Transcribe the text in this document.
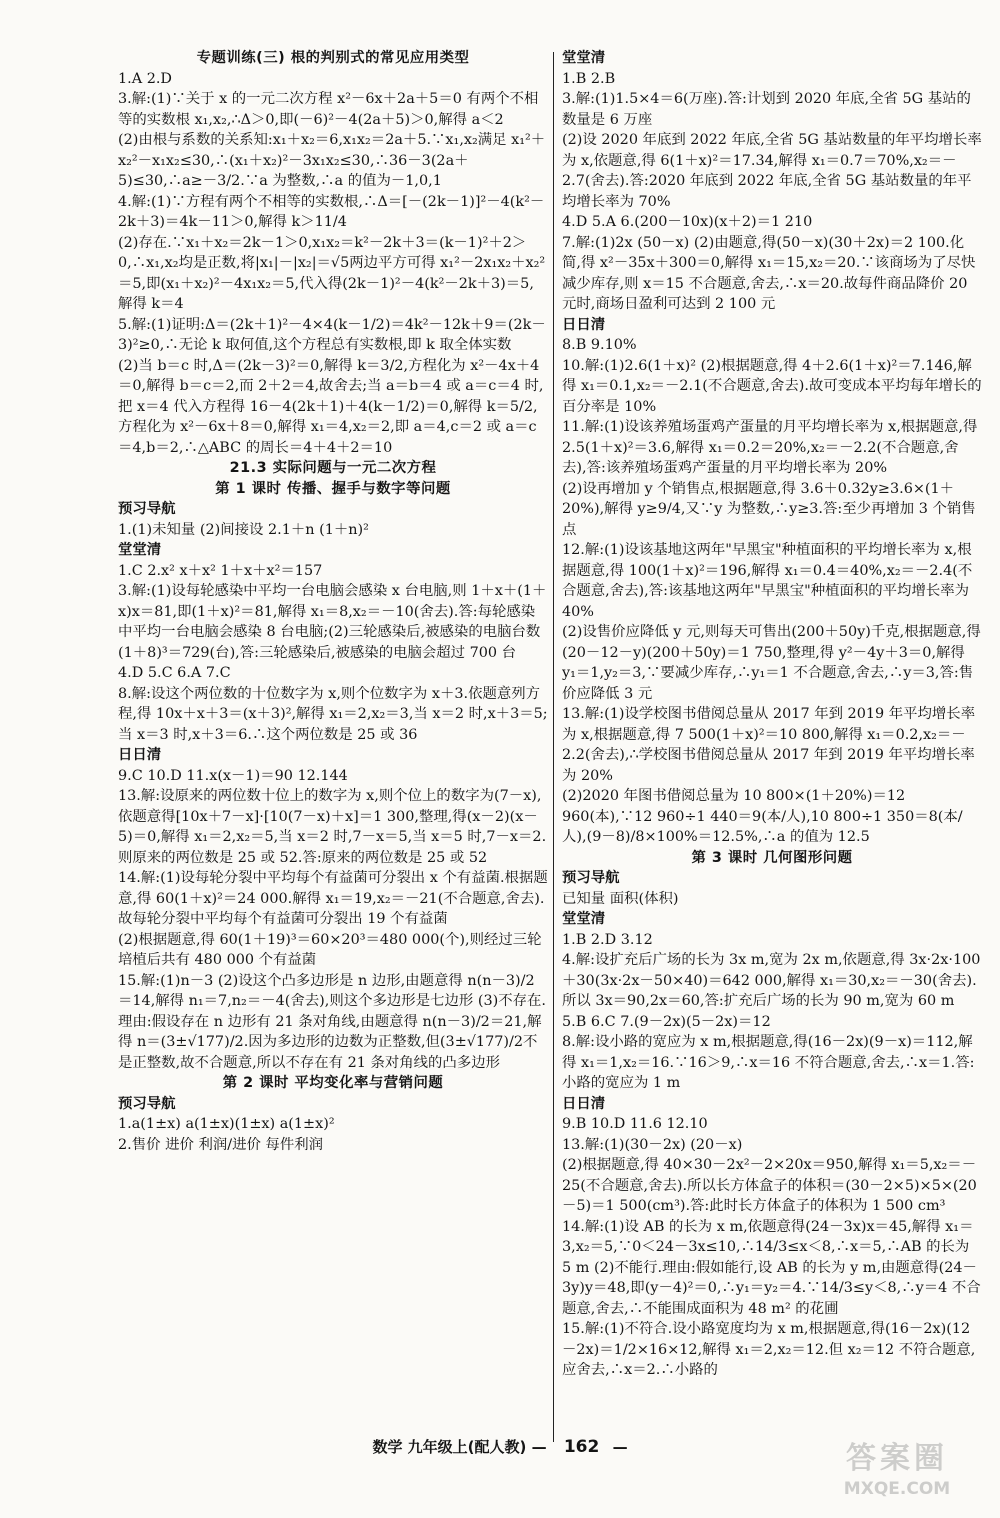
专题训练(三) 根的判别式的常见应用类型
1.A 2.D
3.解:(1)∵关于 x 的一元二次方程 x²－6x＋2a＋5＝0 有两个不相等的实数根 x₁,x₂,∴Δ＞0,即(－6)²－4(2a＋5)＞0,解得 a＜2
(2)由根与系数的关系知:x₁＋x₂＝6,x₁x₂＝2a＋5.∵x₁,x₂满足 x₁²＋x₂²－x₁x₂≤30,∴(x₁＋x₂)²－3x₁x₂≤30,∴36－3(2a＋5)≤30,∴a≥－3/2.∵a 为整数,∴a 的值为－1,0,1
4.解:(1)∵方程有两个不相等的实数根,∴Δ＝[－(2k－1)]²－4(k²－2k＋3)＝4k－11＞0,解得 k＞11/4
(2)存在.∵x₁＋x₂＝2k－1＞0,x₁x₂＝k²－2k＋3＝(k－1)²＋2＞0,∴x₁,x₂均是正数,将|x₁|－|x₂|＝√5两边平方可得 x₁²－2x₁x₂＋x₂²＝5,即(x₁＋x₂)²－4x₁x₂＝5,代入得(2k－1)²－4(k²－2k＋3)＝5,解得 k＝4
5.解:(1)证明:Δ＝(2k＋1)²－4×4(k－1/2)＝4k²－12k＋9＝(2k－3)²≥0,∴无论 k 取何值,这个方程总有实数根,即 k 取全体实数
(2)当 b＝c 时,Δ＝(2k－3)²＝0,解得 k＝3/2,方程化为 x²－4x＋4＝0,解得 b＝c＝2,而 2＋2＝4,故舍去;当 a＝b＝4 或 a＝c＝4 时,把 x＝4 代入方程得 16－4(2k＋1)＋4(k－1/2)＝0,解得 k＝5/2,方程化为 x²－6x＋8＝0,解得 x₁＝4,x₂＝2,即 a＝4,c＝2 或 a＝c＝4,b＝2,∴△ABC 的周长＝4＋4＋2＝10
21.3 实际问题与一元二次方程
第 1 课时 传播、握手与数字等问题
预习导航
1.(1)未知量 (2)间接设 2.1＋n (1＋n)²
堂堂清
1.C 2.x² x＋x² 1＋x＋x²＝157
3.解:(1)设每轮感染中平均一台电脑会感染 x 台电脑,则 1＋x＋(1＋x)x＝81,即(1＋x)²＝81,解得 x₁＝8,x₂＝－10(舍去).答:每轮感染中平均一台电脑会感染 8 台电脑;(2)三轮感染后,被感染的电脑台数(1＋8)³＝729(台),答:三轮感染后,被感染的电脑会超过 700 台
4.D 5.C 6.A 7.C
8.解:设这个两位数的十位数字为 x,则个位数字为 x＋3.依题意列方程,得 10x＋x＋3＝(x＋3)²,解得 x₁＝2,x₂＝3,当 x＝2 时,x＋3＝5;当 x＝3 时,x＋3＝6.∴这个两位数是 25 或 36
日日清
9.C 10.D 11.x(x－1)＝90 12.144
13.解:设原来的两位数十位上的数字为 x,则个位上的数字为(7－x),依题意得[10x＋7－x]·[10(7－x)＋x]＝1 300,整理,得(x－2)(x－5)＝0,解得 x₁＝2,x₂＝5,当 x＝2 时,7－x＝5,当 x＝5 时,7－x＝2.则原来的两位数是 25 或 52.答:原来的两位数是 25 或 52
14.解:(1)设每轮分裂中平均每个有益菌可分裂出 x 个有益菌.根据题意,得 60(1＋x)²＝24 000.解得 x₁＝19,x₂＝－21(不合题意,舍去).故每轮分裂中平均每个有益菌可分裂出 19 个有益菌
(2)根据题意,得 60(1＋19)³＝60×20³＝480 000(个),则经过三轮培植后共有 480 000 个有益菌
15.解:(1)n－3 (2)设这个凸多边形是 n 边形,由题意得 n(n－3)/2＝14,解得 n₁＝7,n₂＝－4(舍去),则这个多边形是七边形 (3)不存在.理由:假设存在 n 边形有 21 条对角线,由题意得 n(n－3)/2＝21,解得 n＝(3±√177)/2.因为多边形的边数为正整数,但(3±√177)/2不是正整数,故不合题意,所以不存在有 21 条对角线的凸多边形
第 2 课时 平均变化率与营销问题
预习导航
1.a(1±x) a(1±x)(1±x) a(1±x)²
2.售价 进价 利润/进价 每件利润
堂堂清
1.B 2.B
3.解:(1)1.5×4＝6(万座).答:计划到 2020 年底,全省 5G 基站的数量是 6 万座
(2)设 2020 年底到 2022 年底,全省 5G 基站数量的年平均增长率为 x,依题意,得 6(1＋x)²＝17.34,解得 x₁＝0.7＝70%,x₂＝－2.7(舍去).答:2020 年底到 2022 年底,全省 5G 基站数量的年平均增长率为 70%
4.D 5.A 6.(200－10x)(x＋2)＝1 210
7.解:(1)2x (50－x) (2)由题意,得(50－x)(30＋2x)＝2 100.化简,得 x²－35x＋300＝0,解得 x₁＝15,x₂＝20.∵该商场为了尽快减少库存,则 x＝15 不合题意,舍去,∴x＝20.故每件商品降价 20 元时,商场日盈利可达到 2 100 元
日日清
8.B 9.10%
10.解:(1)2.6(1＋x)² (2)根据题意,得 4＋2.6(1＋x)²＝7.146,解得 x₁＝0.1,x₂＝－2.1(不合题意,舍去).故可变成本平均每年增长的百分率是 10%
11.解:(1)设该养殖场蛋鸡产蛋量的月平均增长率为 x,根据题意,得 2.5(1＋x)²＝3.6,解得 x₁＝0.2＝20%,x₂＝－2.2(不合题意,舍去),答:该养殖场蛋鸡产蛋量的月平均增长率为 20%
(2)设再增加 y 个销售点,根据题意,得 3.6＋0.32y≥3.6×(1＋20%),解得 y≥9/4,又∵y 为整数,∴y≥3.答:至少再增加 3 个销售点
12.解:(1)设该基地这两年"早黑宝"种植面积的平均增长率为 x,根据题意,得 100(1＋x)²＝196,解得 x₁＝0.4＝40%,x₂＝－2.4(不合题意,舍去),答:该基地这两年"早黑宝"种植面积的平均增长率为 40%
(2)设售价应降低 y 元,则每天可售出(200＋50y)千克,根据题意,得(20－12－y)(200＋50y)＝1 750,整理,得 y²－4y＋3＝0,解得 y₁＝1,y₂＝3,∵要减少库存,∴y₁＝1 不合题意,舍去,∴y＝3,答:售价应降低 3 元
13.解:(1)设学校图书借阅总量从 2017 年到 2019 年平均增长率为 x,根据题意,得 7 500(1＋x)²＝10 800,解得 x₁＝0.2,x₂＝－2.2(舍去),∴学校图书借阅总量从 2017 年到 2019 年平均增长率为 20%
(2)2020 年图书借阅总量为 10 800×(1＋20%)＝12 960(本),∵12 960÷1 440＝9(本/人),10 800÷1 350＝8(本/人),(9－8)/8×100%＝12.5%,∴a 的值为 12.5
第 3 课时 几何图形问题
预习导航
已知量 面积(体积)
堂堂清
1.B 2.D 3.12
4.解:设扩充后广场的长为 3x m,宽为 2x m,依题意,得 3x·2x·100＋30(3x·2x－50×40)＝642 000,解得 x₁＝30,x₂＝－30(舍去).所以 3x＝90,2x＝60,答:扩充后广场的长为 90 m,宽为 60 m
5.B 6.C 7.(9－2x)(5－2x)＝12
8.解:设小路的宽应为 x m,根据题意,得(16－2x)(9－x)＝112,解得 x₁＝1,x₂＝16.∵16＞9,∴x＝16 不符合题意,舍去,∴x＝1.答:小路的宽应为 1 m
日日清
9.B 10.D 11.6 12.10
13.解:(1)(30－2x) (20－x)
(2)根据题意,得 40×30－2x²－2×20x＝950,解得 x₁＝5,x₂＝－25(不合题意,舍去).所以长方体盒子的体积＝(30－2×5)×5×(20－5)＝1 500(cm³).答:此时长方体盒子的体积为 1 500 cm³
14.解:(1)设 AB 的长为 x m,依题意得(24－3x)x＝45,解得 x₁＝3,x₂＝5,∵0＜24－3x≤10,∴14/3≤x＜8,∴x＝5,∴AB 的长为 5 m (2)不能行.理由:假如能行,设 AB 的长为 y m,由题意得(24－3y)y＝48,即(y－4)²＝0,∴y₁＝y₂＝4.∵14/3≤y＜8,∴y＝4 不合题意,舍去,∴不能围成面积为 48 m² 的花圃
15.解:(1)不符合.设小路宽度均为 x m,根据题意,得(16－2x)(12－2x)＝1/2×16×12,解得 x₁＝2,x₂＝12.但 x₂＝12 不符合题意,应舍去,∴x＝2.∴小路的
数学 九年级上(配人教) — 162 —	答案圈
MXQE.COM
